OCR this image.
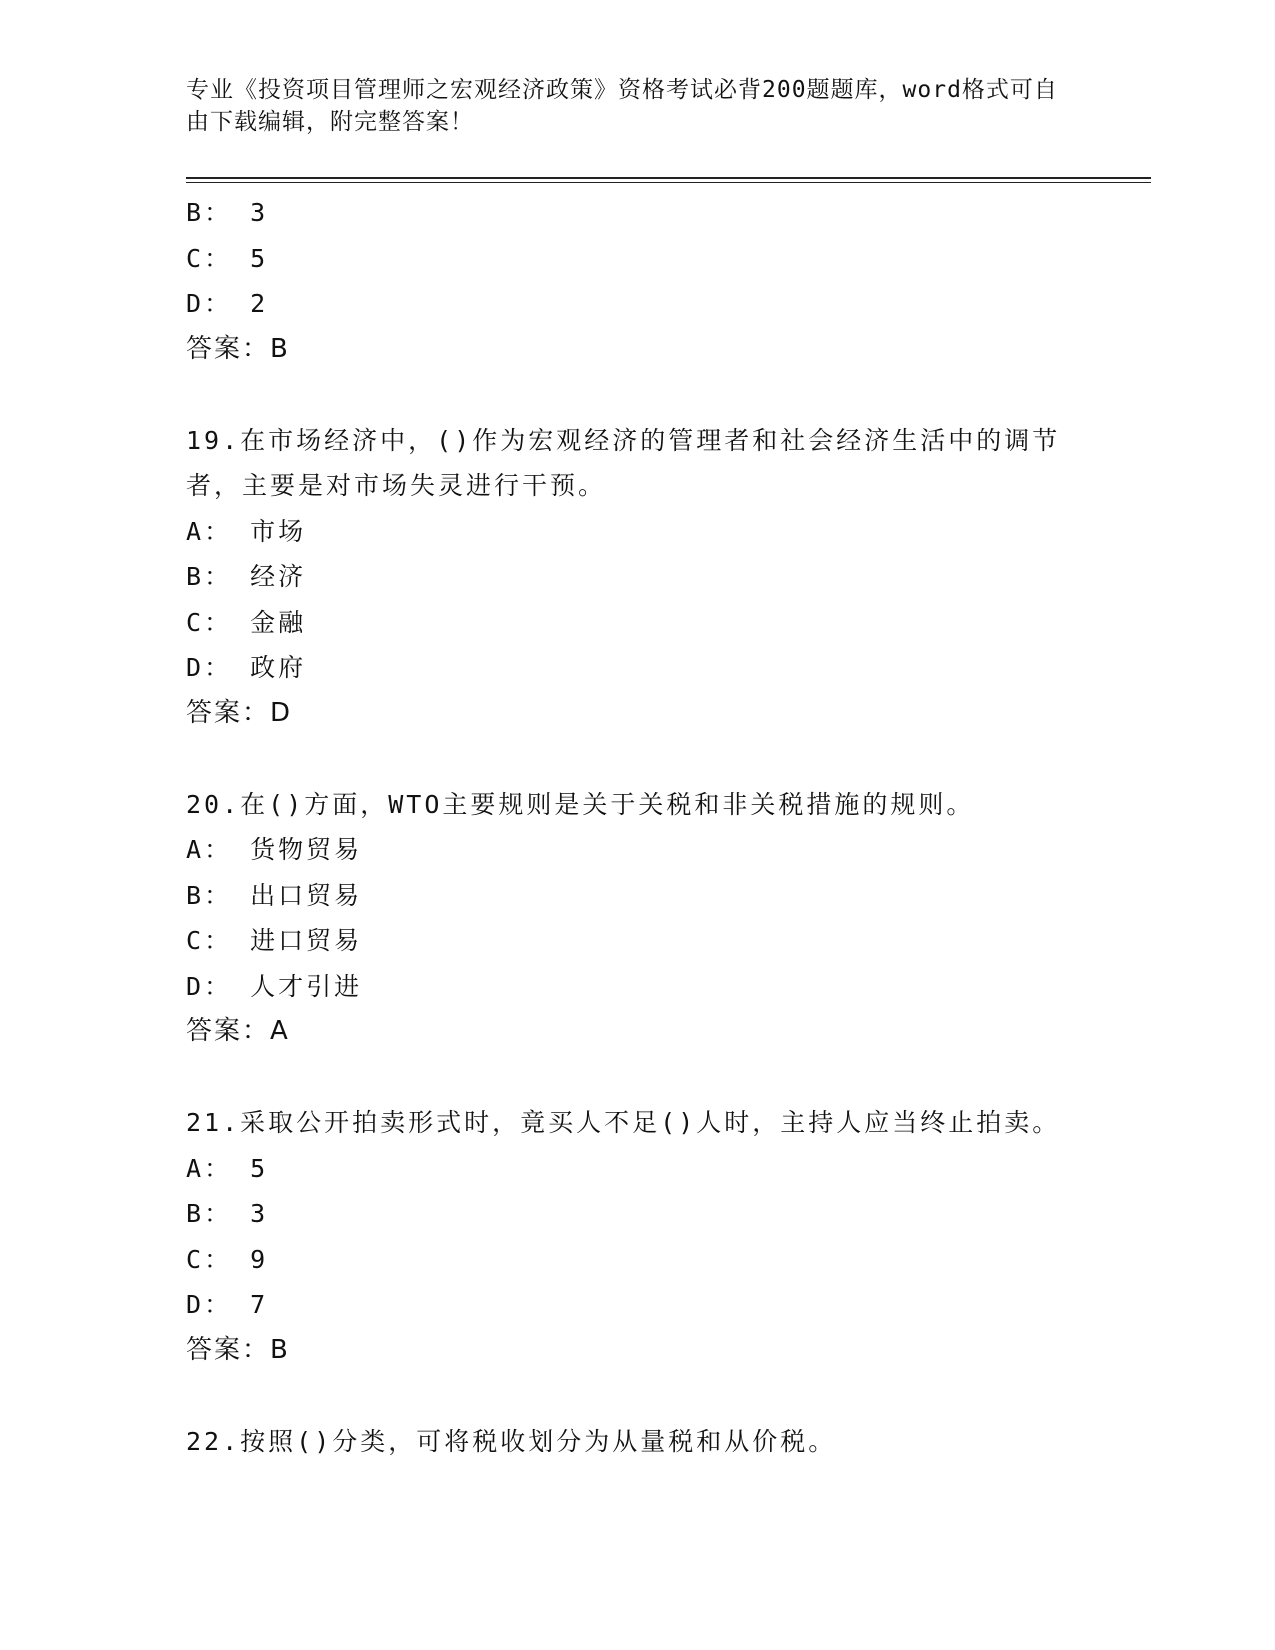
专业《投资项目管理师之宏观经济政策》资格考试必背200题题库，word格式可自由下载编辑，附完整答案！
B： 3
C： 5
D： 2
答案：B
19.在市场经济中，()作为宏观经济的管理者和社会经济生活中的调节者，主要是对市场失灵进行干预。
A： 市场
B： 经济
C： 金融
D： 政府
答案：D
20.在()方面，WTO主要规则是关于关税和非关税措施的规则。
A： 货物贸易
B： 出口贸易
C： 进口贸易
D： 人才引进
答案：A
21.采取公开拍卖形式时，竟买人不足()人时，主持人应当终止拍卖。
A： 5
B： 3
C： 9
D： 7
答案：B
22.按照()分类，可将税收划分为从量税和从价税。
